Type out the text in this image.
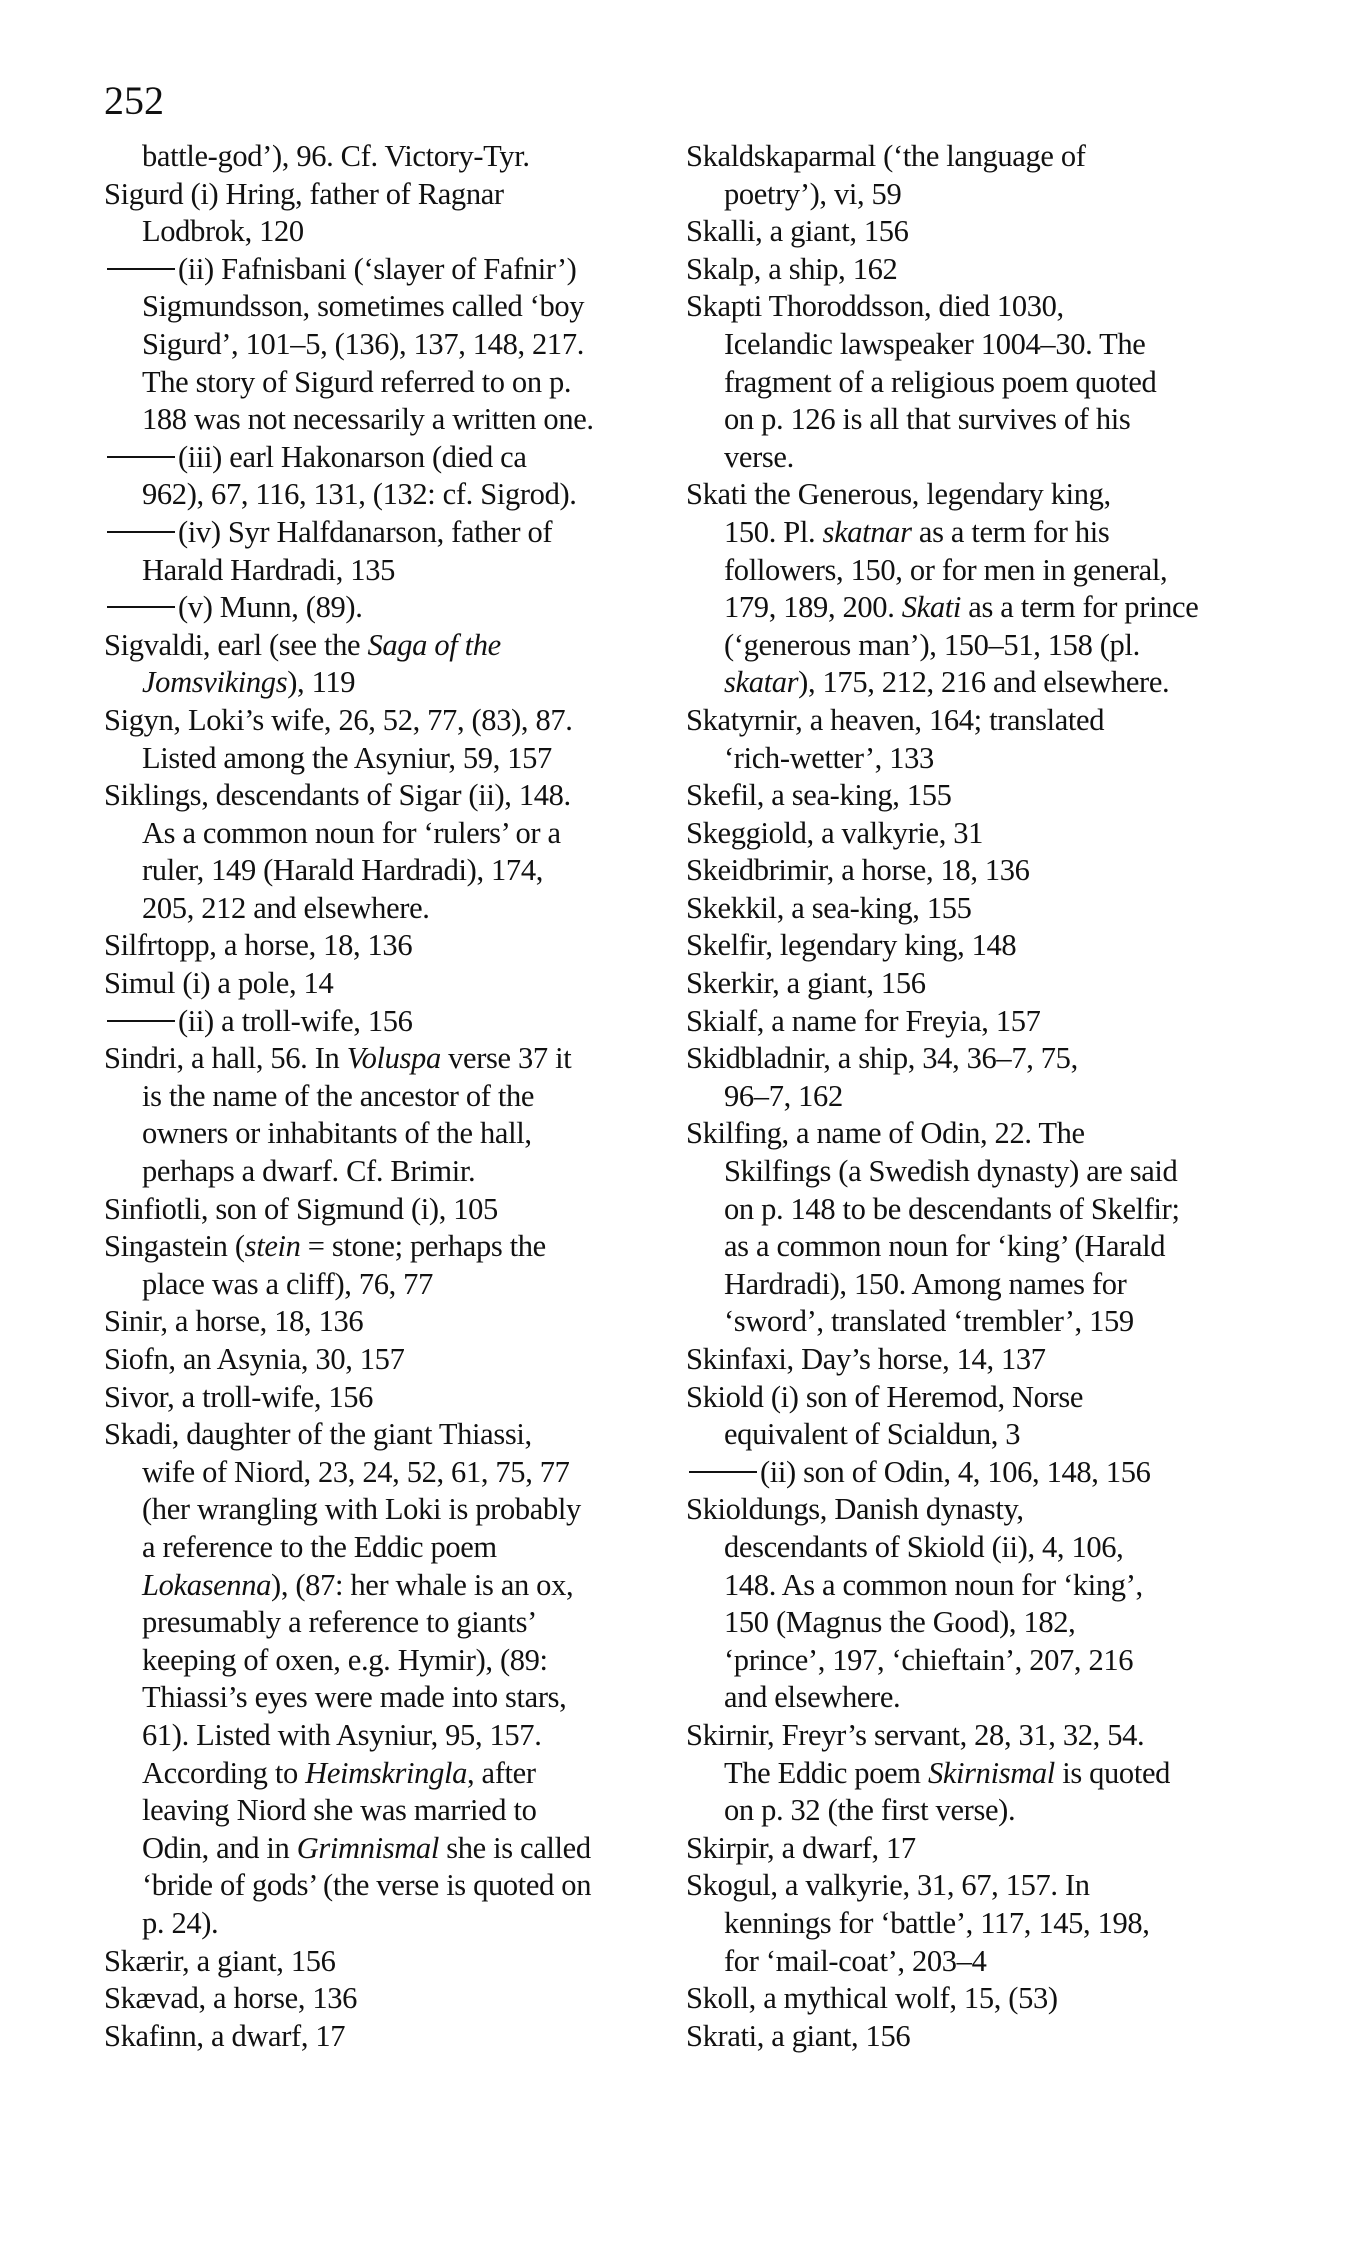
252
battle-god’), 96. Cf. Victory-Tyr.
Sigurd (i) Hring, father of Ragnar
Lodbrok, 120
(ii) Fafnisbani (‘slayer of Fafnir’)
Sigmundsson, sometimes called ‘boy
Sigurd’, 101–5, (136), 137, 148, 217.
The story of Sigurd referred to on p.
188 was not necessarily a written one.
(iii) earl Hakonarson (died ca
962), 67, 116, 131, (132: cf. Sigrod).
(iv) Syr Halfdanarson, father of
Harald Hardradi, 135
(v) Munn, (89).
Sigvaldi, earl (see the Saga of the
Jomsvikings), 119
Sigyn, Loki’s wife, 26, 52, 77, (83), 87.
Listed among the Asyniur, 59, 157
Siklings, descendants of Sigar (ii), 148.
As a common noun for ‘rulers’ or a
ruler, 149 (Harald Hardradi), 174,
205, 212 and elsewhere.
Silfrtopp, a horse, 18, 136
Simul (i) a pole, 14
(ii) a troll-wife, 156
Sindri, a hall, 56. In Voluspa verse 37 it
is the name of the ancestor of the
owners or inhabitants of the hall,
perhaps a dwarf. Cf. Brimir.
Sinfiotli, son of Sigmund (i), 105
Singastein (stein = stone; perhaps the
place was a cliff), 76, 77
Sinir, a horse, 18, 136
Siofn, an Asynia, 30, 157
Sivor, a troll-wife, 156
Skadi, daughter of the giant Thiassi,
wife of Niord, 23, 24, 52, 61, 75, 77
(her wrangling with Loki is probably
a reference to the Eddic poem
Lokasenna), (87: her whale is an ox,
presumably a reference to giants’
keeping of oxen, e.g. Hymir), (89:
Thiassi’s eyes were made into stars,
61). Listed with Asyniur, 95, 157.
According to Heimskringla, after
leaving Niord she was married to
Odin, and in Grimnismal she is called
‘bride of gods’ (the verse is quoted on
p. 24).
Skærir, a giant, 156
Skævad, a horse, 136
Skafinn, a dwarf, 17
Skaldskaparmal (‘the language of
poetry’), vi, 59
Skalli, a giant, 156
Skalp, a ship, 162
Skapti Thoroddsson, died 1030,
Icelandic lawspeaker 1004–30. The
fragment of a religious poem quoted
on p. 126 is all that survives of his
verse.
Skati the Generous, legendary king,
150. Pl. skatnar as a term for his
followers, 150, or for men in general,
179, 189, 200. Skati as a term for prince
(‘generous man’), 150–51, 158 (pl.
skatar), 175, 212, 216 and elsewhere.
Skatyrnir, a heaven, 164; translated
‘rich-wetter’, 133
Skefil, a sea-king, 155
Skeggiold, a valkyrie, 31
Skeidbrimir, a horse, 18, 136
Skekkil, a sea-king, 155
Skelfir, legendary king, 148
Skerkir, a giant, 156
Skialf, a name for Freyia, 157
Skidbladnir, a ship, 34, 36–7, 75,
96–7, 162
Skilfing, a name of Odin, 22. The
Skilfings (a Swedish dynasty) are said
on p. 148 to be descendants of Skelfir;
as a common noun for ‘king’ (Harald
Hardradi), 150. Among names for
‘sword’, translated ‘trembler’, 159
Skinfaxi, Day’s horse, 14, 137
Skiold (i) son of Heremod, Norse
equivalent of Scialdun, 3
(ii) son of Odin, 4, 106, 148, 156
Skioldungs, Danish dynasty,
descendants of Skiold (ii), 4, 106,
148. As a common noun for ‘king’,
150 (Magnus the Good), 182,
‘prince’, 197, ‘chieftain’, 207, 216
and elsewhere.
Skirnir, Freyr’s servant, 28, 31, 32, 54.
The Eddic poem Skirnismal is quoted
on p. 32 (the first verse).
Skirpir, a dwarf, 17
Skogul, a valkyrie, 31, 67, 157. In
kennings for ‘battle’, 117, 145, 198,
for ‘mail-coat’, 203–4
Skoll, a mythical wolf, 15, (53)
Skrati, a giant, 156
